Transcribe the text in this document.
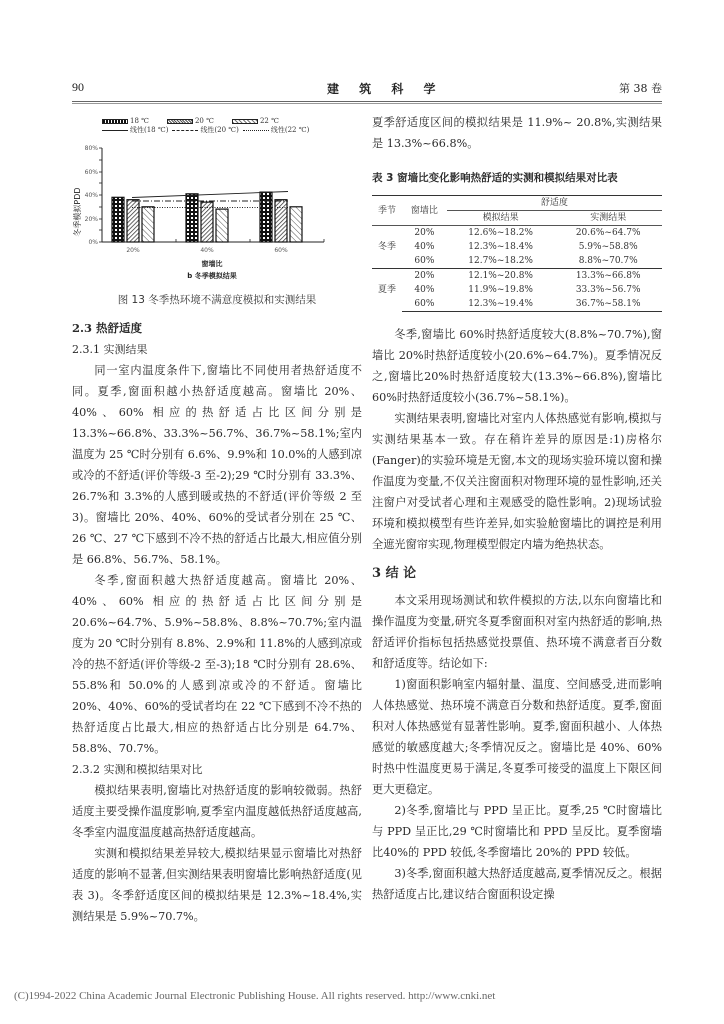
90	建 筑 科 学	第 38 卷
18 ℃	20 ℃	22 ℃
线性(18 ℃)	线性(20 ℃)	线性(22 ℃)
冬季模拟PDD
0%
20%
40%
60%
80%
20%	40%	60%
窗墙比
b 冬季模拟结果
图 13 冬季热环境不满意度模拟和实测结果
2.3 热舒适度
2.3.1 实测结果

同一室内温度条件下,窗墙比不同使用者热舒适度不同。夏季,窗面积越小热舒适度越高。窗墙比 20%、40%、60% 相应的热舒适占比区间分别是 13.3%~66.8%、33.3%~56.7%、36.7%~58.1%;室内温度为 25 ℃时分别有 6.6%、9.9%和 10.0%的人感到凉或冷的不舒适(评价等级-3 至-2);29 ℃时分别有 33.3%、26.7%和 3.3%的人感到暖或热的不舒适(评价等级 2 至 3)。窗墙比 20%、40%、60%的受试者分别在 25 ℃、26 ℃、27 ℃下感到不冷不热的舒适占比最大,相应值分别是 66.8%、56.7%、58.1%。

冬季,窗面积越大热舒适度越高。窗墙比 20%、40%、60% 相应的热舒适占比区间分别是 20.6%~64.7%、5.9%~58.8%、8.8%~70.7%;室内温度为 20 ℃时分别有 8.8%、2.9%和 11.8%的人感到凉或冷的热不舒适(评价等级-2 至-3);18 ℃时分别有 28.6%、55.8%和 50.0%的人感到凉或冷的不舒适。窗墙比 20%、40%、60%的受试者均在 22 ℃下感到不冷不热的热舒适度占比最大,相应的热舒适占比分别是 64.7%、58.8%、70.7%。

2.3.2 实测和模拟结果对比

模拟结果表明,窗墙比对热舒适度的影响较微弱。热舒适度主要受操作温度影响,夏季室内温度越低热舒适度越高,冬季室内温度温度越高热舒适度越高。

实测和模拟结果差异较大,模拟结果显示窗墙比对热舒适度的影响不显著,但实测结果表明窗墙比影响热舒适度(见表 3)。冬季舒适度区间的模拟结果是 12.3%~18.4%,实测结果是 5.9%~70.7%。

夏季舒适度区间的模拟结果是 11.9%~ 20.8%,实测结果是 13.3%~66.8%。

表 3 窗墙比变化影响热舒适的实测和模拟结果对比表
季节	窗墙比	舒适度	
		模拟结果	实测结果
冬季	20%	12.6%~18.2%	20.6%~64.7%
	40%	12.3%~18.4%	5.9%~58.8%
	60%	12.7%~18.2%	8.8%~70.7%
夏季	20%	12.1%~20.8%	13.3%~66.8%
	40%	11.9%~19.8%	33.3%~56.7%
	60%	12.3%~19.4%	36.7%~58.1%

冬季,窗墙比 60%时热舒适度较大(8.8%~70.7%),窗墙比 20%时热舒适度较小(20.6%~64.7%)。夏季情况反之,窗墙比20%时热舒适度较大(13.3%~66.8%),窗墙比 60%时热舒适度较小(36.7%~58.1%)。

实测结果表明,窗墙比对室内人体热感觉有影响,模拟与实测结果基本一致。存在稍许差异的原因是:1)房格尔(Fanger)的实验环境是无窗,本文的现场实验环境以窗和操作温度为变量,不仅关注窗面积对物理环境的显性影响,还关注窗户对受试者心理和主观感受的隐性影响。2)现场试验环境和模拟模型有些许差异,如实验舱窗墙比的调控是利用全遮光窗帘实现,物理模型假定内墙为绝热状态。

3 结 论

本文采用现场测试和软件模拟的方法,以东向窗墙比和操作温度为变量,研究冬夏季窗面积对室内热舒适的影响,热舒适评价指标包括热感觉投票值、热环境不满意者百分数和舒适度等。结论如下:

1)窗面积影响室内辐射量、温度、空间感受,进而影响人体热感觉、热环境不满意百分数和热舒适度。夏季,窗面积对人体热感觉有显著性影响。夏季,窗面积越小、人体热感觉的敏感度越大;冬季情况反之。窗墙比是 40%、60%时热中性温度更易于满足,冬夏季可接受的温度上下限区间更大更稳定。

2)冬季,窗墙比与 PPD 呈正比。夏季,25 ℃时窗墙比与 PPD 呈正比,29 ℃时窗墙比和 PPD 呈反比。夏季窗墙比40%的 PPD 较低,冬季窗墙比 20%的 PPD 较低。

3)冬季,窗面积越大热舒适度越高,夏季情况反之。根据热舒适度占比,建议结合窗面积设定操

(C)1994-2022 China Academic Journal Electronic Publishing House. All rights reserved. http://www.cnki.net
